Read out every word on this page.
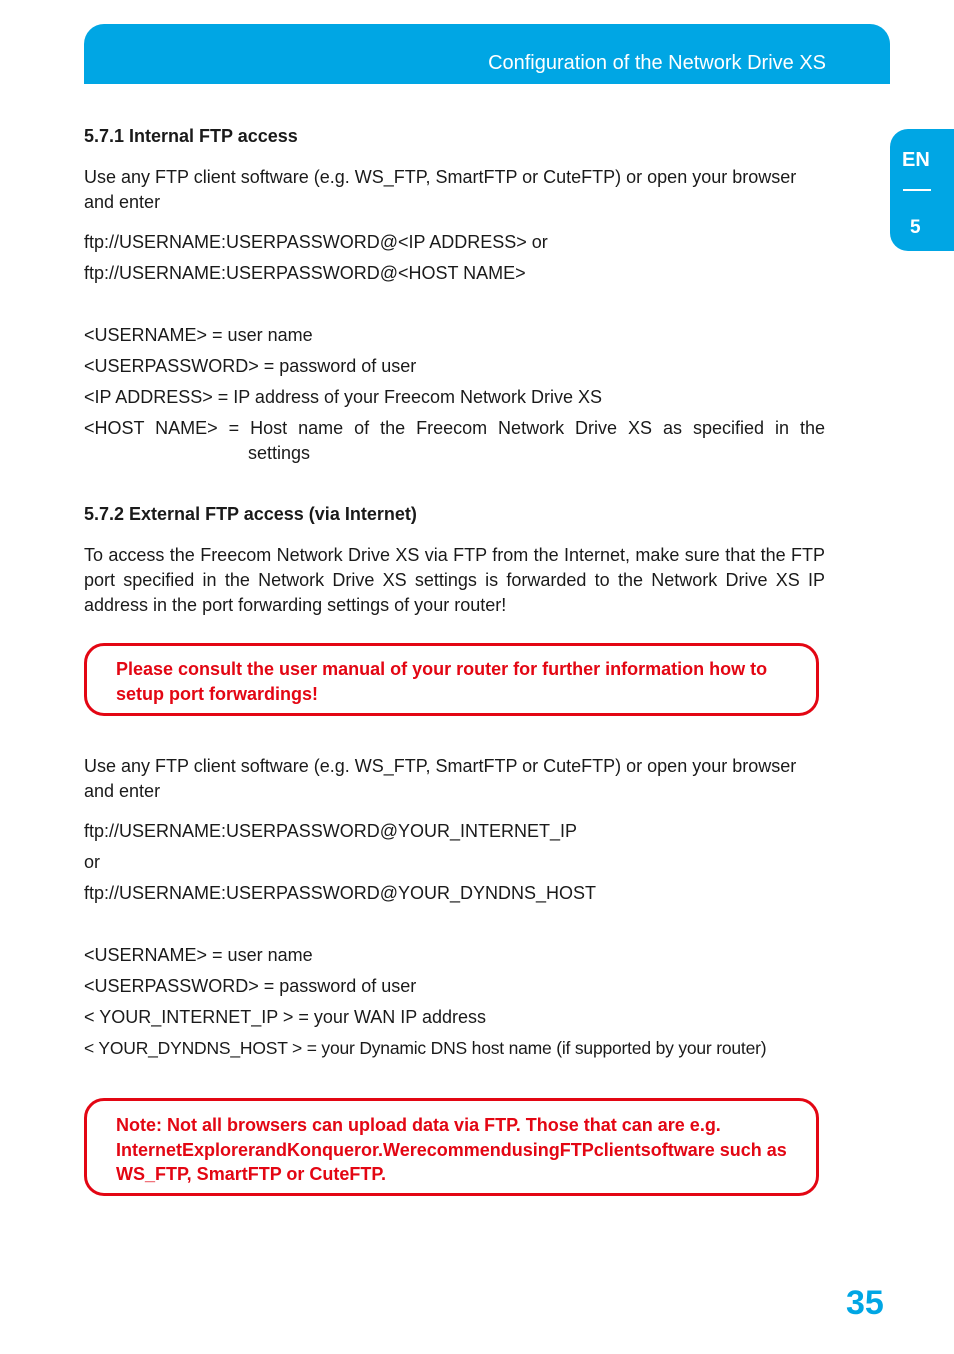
Configuration of the Network Drive XS
EN
5
5.7.1 Internal FTP access

Use any FTP client software (e.g. WS_FTP, SmartFTP or CuteFTP) or open your browser and enter

ftp://USERNAME:USERPASSWORD@<IP ADDRESS> or
ftp://USERNAME:USERPASSWORD@<HOST NAME>
<USERNAME> = user name
<USERPASSWORD> = password of user
<IP ADDRESS> = IP address of your Freecom Network Drive XS
<HOST NAME> = Host name of the Freecom Network Drive XS as specified in the
settings
5.7.2 External FTP access (via Internet)

To access the Freecom Network Drive XS via FTP from the Internet, make sure that the FTP port specified in the Network Drive XS settings is forwarded to the Network Drive XS IP address in the port forwarding settings of your router!

Use any FTP client software (e.g. WS_FTP, SmartFTP or CuteFTP) or open your browser and enter

ftp://USERNAME:USERPASSWORD@YOUR_INTERNET_IP
or
ftp://USERNAME:USERPASSWORD@YOUR_DYNDNS_HOST
<USERNAME> = user name
<USERPASSWORD> = password of user
< YOUR_INTERNET_IP > = your WAN IP address
< YOUR_DYNDNS_HOST > = your Dynamic DNS host name (if supported by your router)

Please consult the user manual of your router for further information how to setup port forwardings!

Note: Not all browsers can upload data via FTP. Those that can are e.g. InternetExplorerandKonqueror.WerecommendusingFTPclientsoftware such as WS_FTP, SmartFTP or CuteFTP.

35
